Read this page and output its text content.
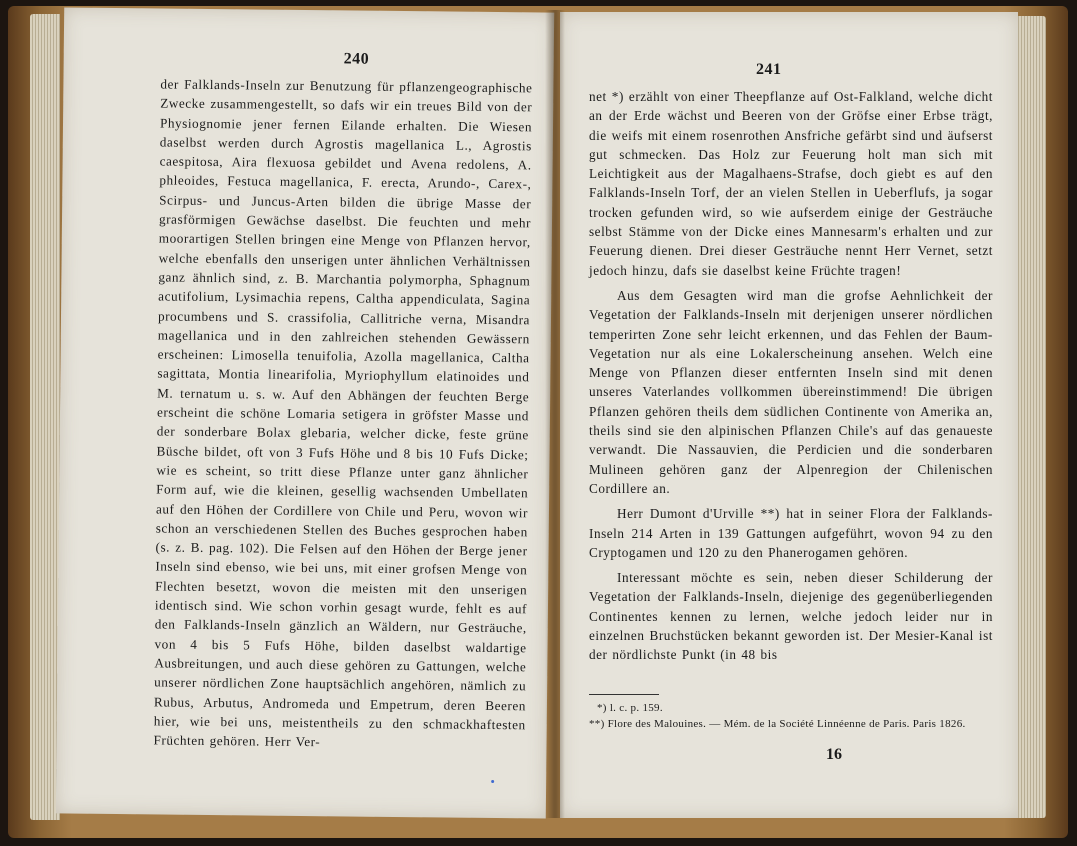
240

der Falklands-Inseln zur Benutzung für pflanzengeographische Zwecke zusammengestellt, so dafs wir ein treues Bild von der Physiognomie jener fernen Eilande erhalten. Die Wiesen daselbst werden durch Agrostis magellanica L., Agrostis caespitosa, Aira flexuosa gebildet und Avena redolens, A. phleoides, Festuca magellanica, F. erecta, Arundo-, Carex-, Scirpus- und Juncus-Arten bilden die übrige Masse der grasförmigen Gewächse daselbst. Die feuchten und mehr moorartigen Stellen bringen eine Menge von Pflanzen hervor, welche ebenfalls den unserigen unter ähnlichen Verhältnissen ganz ähnlich sind, z. B. Marchantia polymorpha, Sphagnum acutifolium, Lysimachia repens, Caltha appendiculata, Sagina procumbens und S. crassifolia, Callitriche verna, Misandra magellanica und in den zahlreichen stehenden Gewässern erscheinen: Limosella tenuifolia, Azolla magellanica, Caltha sagittata, Montia linearifolia, Myriophyllum elatinoides und M. ternatum u. s. w. Auf den Abhängen der feuchten Berge erscheint die schöne Lomaria setigera in gröfster Masse und der sonderbare Bolax glebaria, welcher dicke, feste grüne Büsche bildet, oft von 3 Fufs Höhe und 8 bis 10 Fufs Dicke; wie es scheint, so tritt diese Pflanze unter ganz ähnlicher Form auf, wie die kleinen, gesellig wachsenden Umbellaten auf den Höhen der Cordillere von Chile und Peru, wovon wir schon an verschiedenen Stellen des Buches gesprochen haben (s. z. B. pag. 102). Die Felsen auf den Höhen der Berge jener Inseln sind ebenso, wie bei uns, mit einer grofsen Menge von Flechten besetzt, wovon die meisten mit den unserigen identisch sind. Wie schon vorhin gesagt wurde, fehlt es auf den Falklands-Inseln gänzlich an Wäldern, nur Gesträuche, von 4 bis 5 Fufs Höhe, bilden daselbst waldartige Ausbreitungen, und auch diese gehören zu Gattungen, welche unserer nördlichen Zone hauptsächlich angehören, nämlich zu Rubus, Arbutus, Andromeda und Empetrum, deren Beeren hier, wie bei uns, meistentheils zu den schmackhaftesten Früchten gehören. Herr Ver-

241

net *) erzählt von einer Theepflanze auf Ost-Falkland, welche dicht an der Erde wächst und Beeren von der Gröfse einer Erbse trägt, die weifs mit einem rosenrothen Ansfriche gefärbt sind und äufserst gut schmecken. Das Holz zur Feuerung holt man sich mit Leichtigkeit aus der Magalhaens-Strafse, doch giebt es auf den Falklands-Inseln Torf, der an vielen Stellen in Ueberflufs, ja sogar trocken gefunden wird, so wie aufserdem einige der Gesträuche selbst Stämme von der Dicke eines Mannesarm's erhalten und zur Feuerung dienen. Drei dieser Gesträuche nennt Herr Vernet, setzt jedoch hinzu, dafs sie daselbst keine Früchte tragen!

Aus dem Gesagten wird man die grofse Aehnlichkeit der Vegetation der Falklands-Inseln mit derjenigen unserer nördlichen temperirten Zone sehr leicht erkennen, und das Fehlen der Baum-Vegetation nur als eine Lokalerscheinung ansehen. Welch eine Menge von Pflanzen dieser entfernten Inseln sind mit denen unseres Vaterlandes vollkommen übereinstimmend! Die übrigen Pflanzen gehören theils dem südlichen Continente von Amerika an, theils sind sie den alpinischen Pflanzen Chile's auf das genaueste verwandt. Die Nassauvien, die Perdicien und die sonderbaren Mulineen gehören ganz der Alpenregion der Chilenischen Cordillere an.

Herr Dumont d'Urville **) hat in seiner Flora der Falklands-Inseln 214 Arten in 139 Gattungen aufgeführt, wovon 94 zu den Cryptogamen und 120 zu den Phanerogamen gehören.

Interessant möchte es sein, neben dieser Schilderung der Vegetation der Falklands-Inseln, diejenige des gegenüberliegenden Continentes kennen zu lernen, welche jedoch leider nur in einzelnen Bruchstücken bekannt geworden ist. Der Mesier-Kanal ist der nördlichste Punkt (in 48 bis

*) l. c. p. 159.

**) Flore des Malouines. — Mém. de la Société Linnéenne de Paris. Paris 1826.

16
